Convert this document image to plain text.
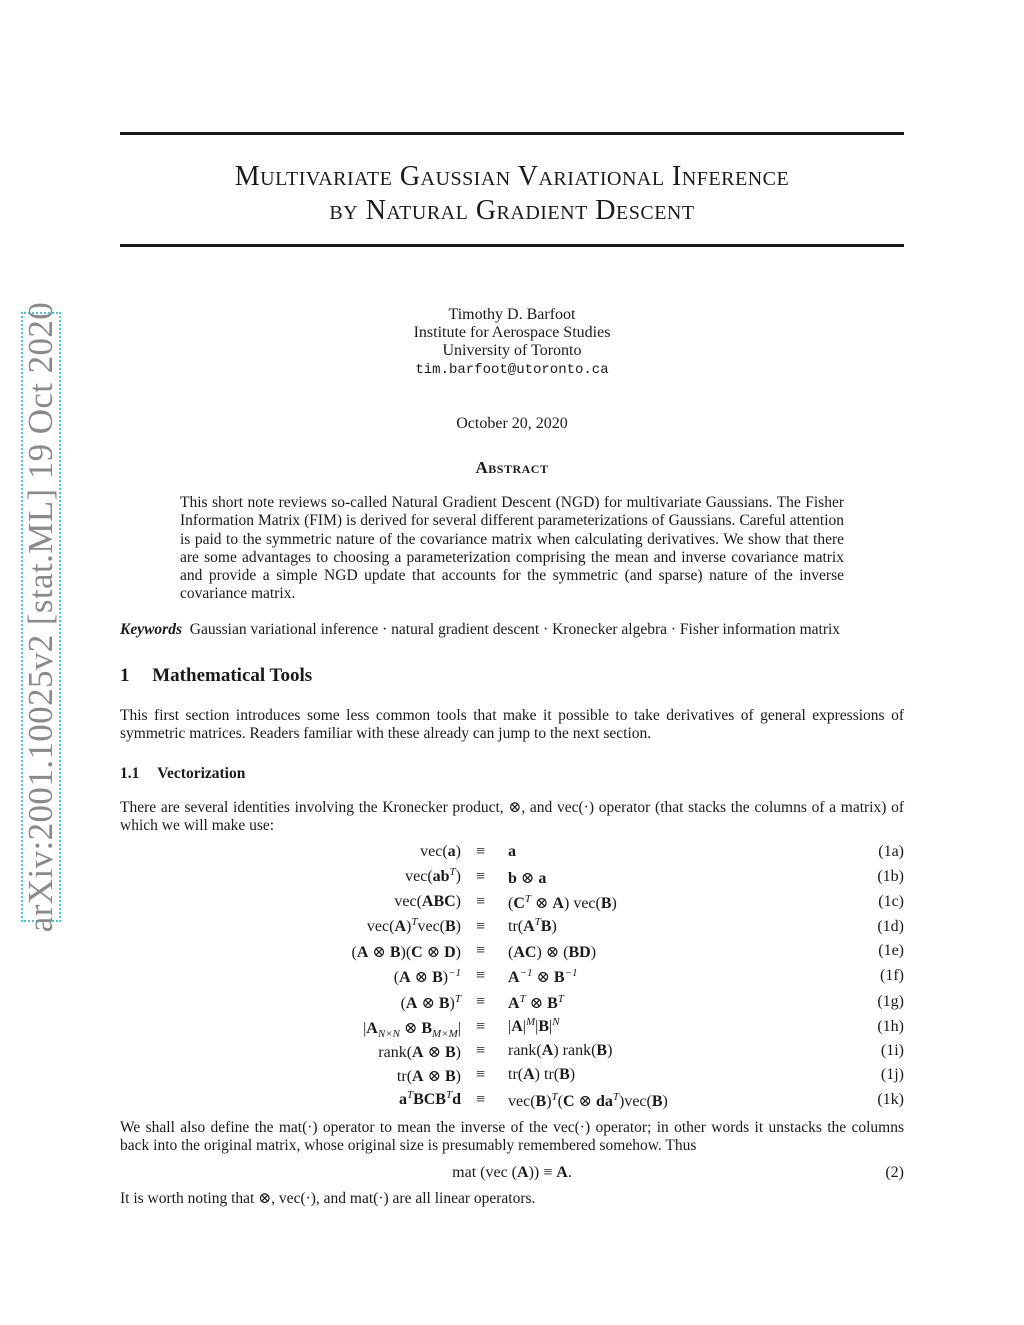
arXiv:2001.10025v2 [stat.ML] 19 Oct 2020
Multivariate Gaussian Variational Inference
by Natural Gradient Descent
Timothy D. Barfoot
Institute for Aerospace Studies
University of Toronto
tim.barfoot@utoronto.ca
October 20, 2020
Abstract
This short note reviews so-called Natural Gradient Descent (NGD) for multivariate Gaussians. The Fisher Information Matrix (FIM) is derived for several different parameterizations of Gaussians. Careful attention is paid to the symmetric nature of the covariance matrix when calculating derivatives. We show that there are some advantages to choosing a parameterization comprising the mean and inverse covariance matrix and provide a simple NGD update that accounts for the symmetric (and sparse) nature of the inverse covariance matrix.
Keywords Gaussian variational inference · natural gradient descent · Kronecker algebra · Fisher information matrix
1 Mathematical Tools
This first section introduces some less common tools that make it possible to take derivatives of general expressions of symmetric matrices. Readers familiar with these already can jump to the next section.
1.1 Vectorization
There are several identities involving the Kronecker product, ⊗, and vec(·) operator (that stacks the columns of a matrix) of which we will make use:
vec(a) ≡ a	(1a)
$vec(ab^T) \equiv b$ ⊗ a	(1b)
$vec(ABC) \equiv (C^T$ ⊗ A) vec(B)	(1c)
$vec(A)^Tvec(B) \equiv tr(A^TB)$	(1d)
(A ⊗ B)(C ⊗ D) ≡ (AC) ⊗ (BD)	(1e)
(A ⊗ $B)^{-1} \equiv A^{-1}$ ⊗ $B^{-1}$	(1f)
(A ⊗ $B)^T \equiv A^T$ ⊗ $B^T$	(1g)
$|A_{N\times N}$ ⊗ $B_{M\times M}| \equiv |A|^M|B|^N$	(1h)
rank(A ⊗ B) ≡ rank(A) rank(B)	(1i)
tr(A ⊗ B) ≡ tr(A) tr(B)	(1j)
$a^TBCB^Td \equiv vec(B)^T(C$ ⊗ $da^T)vec(B)$	(1k)
We shall also define the mat(·) operator to mean the inverse of the vec(·) operator; in other words it unstacks the columns back into the original matrix, whose original size is presumably remembered somehow. Thus
mat (vec (A)) ≡ A.	(2)
It is worth noting that ⊗, vec(·), and mat(·) are all linear operators.
